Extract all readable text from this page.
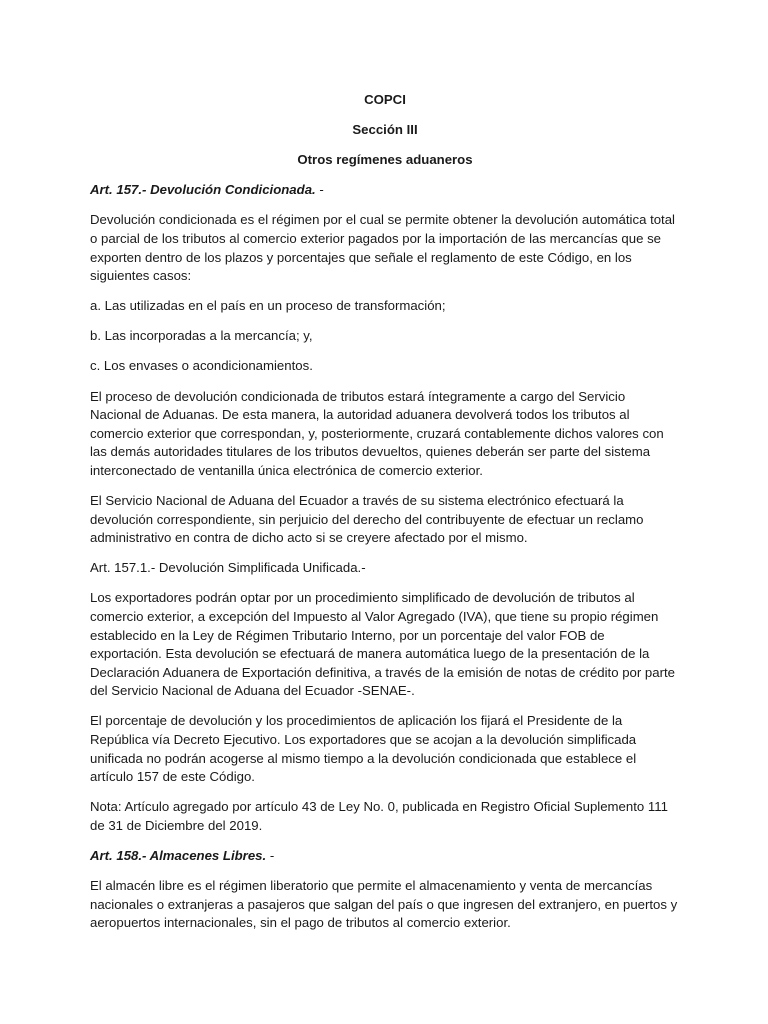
COPCI
Sección III
Otros regímenes aduaneros

Art. 157.- Devolución Condicionada. -

Devolución condicionada es el régimen por el cual se permite obtener la devolución automática total o parcial de los tributos al comercio exterior pagados por la importación de las mercancías que se exporten dentro de los plazos y porcentajes que señale el reglamento de este Código, en los siguientes casos:

a. Las utilizadas en el país en un proceso de transformación;

b. Las incorporadas a la mercancía; y,

c. Los envases o acondicionamientos.

El proceso de devolución condicionada de tributos estará íntegramente a cargo del Servicio Nacional de Aduanas. De esta manera, la autoridad aduanera devolverá todos los tributos al comercio exterior que correspondan, y, posteriormente, cruzará contablemente dichos valores con las demás autoridades titulares de los tributos devueltos, quienes deberán ser parte del sistema interconectado de ventanilla única electrónica de comercio exterior.

El Servicio Nacional de Aduana del Ecuador a través de su sistema electrónico efectuará la devolución correspondiente, sin perjuicio del derecho del contribuyente de efectuar un reclamo administrativo en contra de dicho acto si se creyere afectado por el mismo.

Art. 157.1.- Devolución Simplificada Unificada.-

Los exportadores podrán optar por un procedimiento simplificado de devolución de tributos al comercio exterior, a excepción del Impuesto al Valor Agregado (IVA), que tiene su propio régimen establecido en la Ley de Régimen Tributario Interno, por un porcentaje del valor FOB de exportación. Esta devolución se efectuará de manera automática luego de la presentación de la Declaración Aduanera de Exportación definitiva, a través de la emisión de notas de crédito por parte del Servicio Nacional de Aduana del Ecuador -SENAE-.

El porcentaje de devolución y los procedimientos de aplicación los fijará el Presidente de la República vía Decreto Ejecutivo. Los exportadores que se acojan a la devolución simplificada unificada no podrán acogerse al mismo tiempo a la devolución condicionada que establece el artículo 157 de este Código.

Nota: Artículo agregado por artículo 43 de Ley No. 0, publicada en Registro Oficial Suplemento 111 de 31 de Diciembre del 2019.

Art. 158.- Almacenes Libres. -

El almacén libre es el régimen liberatorio que permite el almacenamiento y venta de mercancías nacionales o extranjeras a pasajeros que salgan del país o que ingresen del extranjero, en puertos y aeropuertos internacionales, sin el pago de tributos al comercio exterior.
